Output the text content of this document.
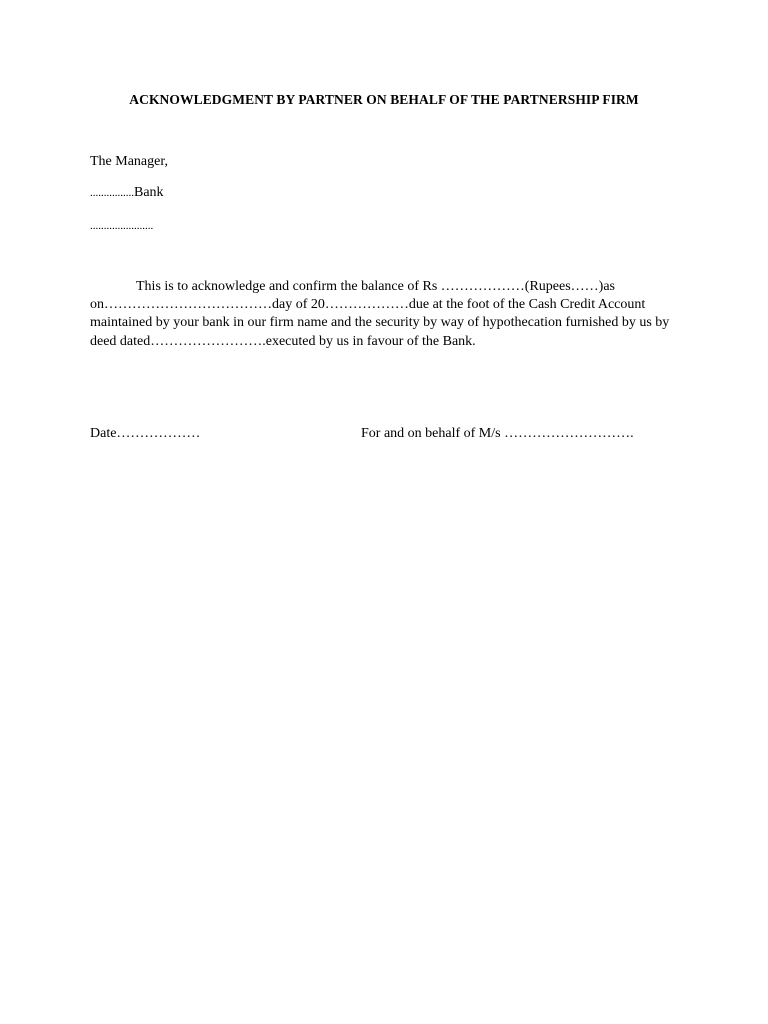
ACKNOWLEDGMENT BY PARTNER ON BEHALF OF THE PARTNERSHIP FIRM
The Manager,
................Bank
.......................
This is to acknowledge and confirm the balance of Rs ………………(Rupees……)as
on………………………………day of 20………………due at the foot of the Cash Credit Account
maintained by your bank in our firm name and the security by way of hypothecation furnished by us by
deed dated…………………….executed by us in favour of the Bank.
Date………………	For and on behalf of M/s ……………………….
